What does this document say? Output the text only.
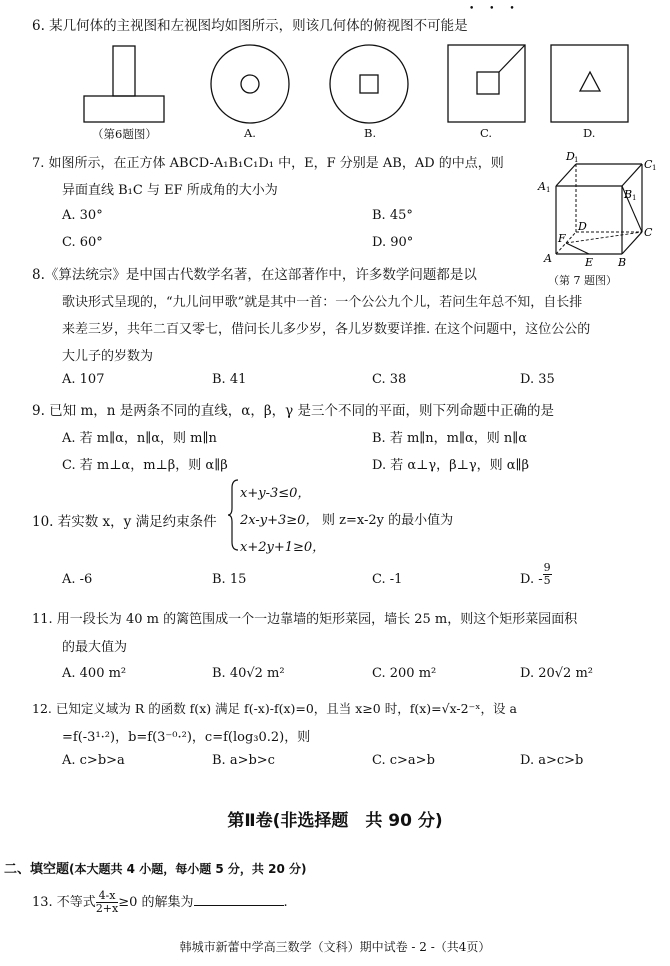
6. 某几何体的主视图和左视图均如图所示，则该几何体的俯视图不可能是
• • •
（第6题图）	A.	B.	C.	D.
7. 如图所示，在正方体 ABCD-A₁B₁C₁D₁ 中，E，F 分别是 AB，AD 的中点，则
异面直线 B₁C 与 EF 所成角的大小为
A. 30°	B. 45°
C. 60°	D. 90°
D 1	C 1
A 1	B 1
D	C
F
A	E B
（第 7 题图）
8.《算法统宗》是中国古代数学名著，在这部著作中，许多数学问题都是以
歌诀形式呈现的，“九儿问甲歌”就是其中一首：一个公公九个儿，若问生年总不知，自长排
来差三岁，共年二百又零七，借问长儿多少岁，各儿岁数要详推. 在这个问题中，这位公公的
大儿子的岁数为
A. 107	B. 41	C. 38	D. 35
9. 已知 m，n 是两条不同的直线，α，β，γ 是三个不同的平面，则下列命题中正确的是
A. 若 m∥α，n∥α，则 m∥n	B. 若 m∥n，m∥α，则 n∥α
C. 若 m⊥α，m⊥β，则 α∥β	D. 若 α⊥γ，β⊥γ，则 α∥β
10. 若实数 x，y 满足约束条件
x+y-3≤0，
2x-y+3≥0，
x+2y+1≥0，
则 z=x-2y 的最小值为
A. -6	B. 15	C. -1	D. - $\frac{9}{5}$
11. 用一段长为 40 m 的篱笆围成一个一边靠墙的矩形菜园，墙长 25 m，则这个矩形菜园面积
的最大值为
A. 400 m²	B. 40√2 m²	C. 200 m²	D. 20√2 m²
12. 已知定义域为 R 的函数 f(x) 满足 f(-x)-f(x)=0，且当 x≥0 时，f(x)=√x-2⁻ˣ，设 a
=f(-3¹·²)，b=f(3⁻⁰·²)，c=f(log₃0.2)，则
A. c>b>a	B. a>b>c	C. c>a>b	D. a>c>b
第Ⅱ卷(非选择题　共 90 分)
二、填空题(本大题共 4 小题，每小题 5 分，共 20 分)
13. 不等式 $\frac{4-x}{2+x} \ge 0$ 的解集为	.
韩城市新蕾中学高三数学（文科）期中试卷 - 2 -（共4页）
